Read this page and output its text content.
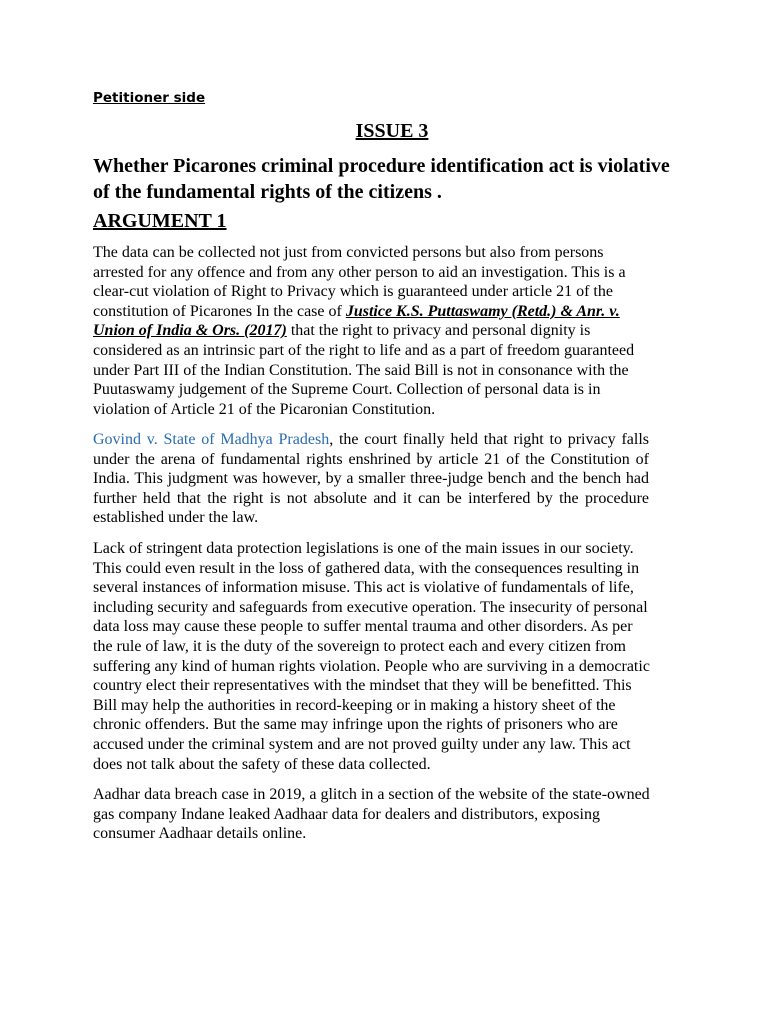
Petitioner side

ISSUE 3

Whether Picarones criminal procedure identification act is violative of the fundamental rights of the citizens .

ARGUMENT 1

The data can be collected not just from convicted persons but also from persons arrested for any offence and from any other person to aid an investigation. This is a clear-cut violation of Right to Privacy which is guaranteed under article 21 of the constitution of Picarones In the case of Justice K.S. Puttaswamy (Retd.) & Anr. v. Union of India & Ors. (2017) that the right to privacy and personal dignity is considered as an intrinsic part of the right to life and as a part of freedom guaranteed under Part III of the Indian Constitution. The said Bill is not in consonance with the Puutaswamy judgement of the Supreme Court. Collection of personal data is in violation of Article 21 of the Picaronian Constitution.

Govind v. State of Madhya Pradesh, the court finally held that right to privacy falls under the arena of fundamental rights enshrined by article 21 of the Constitution of India. This judgment was however, by a smaller three-judge bench and the bench had further held that the right is not absolute and it can be interfered by the procedure established under the law.

Lack of stringent data protection legislations is one of the main issues in our society. This could even result in the loss of gathered data, with the consequences resulting in several instances of information misuse. This act is violative of fundamentals of life, including security and safeguards from executive operation. The insecurity of personal data loss may cause these people to suffer mental trauma and other disorders. As per the rule of law, it is the duty of the sovereign to protect each and every citizen from suffering any kind of human rights violation. People who are surviving in a democratic country elect their representatives with the mindset that they will be benefitted. This Bill may help the authorities in record-keeping or in making a history sheet of the chronic offenders. But the same may infringe upon the rights of prisoners who are accused under the criminal system and are not proved guilty under any law. This act does not talk about the safety of these data collected.

Aadhar data breach case in 2019, a glitch in a section of the website of the state-owned gas company Indane leaked Aadhaar data for dealers and distributors, exposing consumer Aadhaar details online.
